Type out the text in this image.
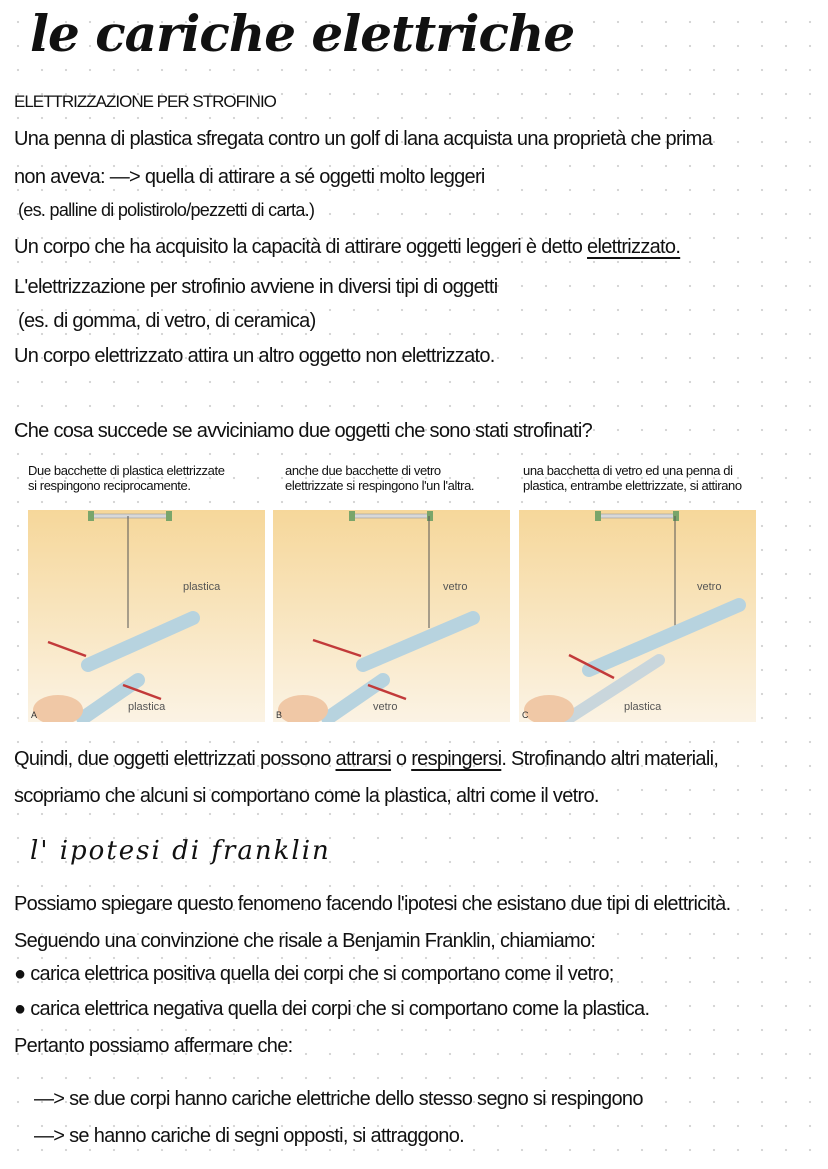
le cariche elettriche
ELETTRIZZAZIONE PER STROFINIO
Una penna di plastica sfregata contro un golf di lana acquista una proprietà che prima
non aveva: —> quella di attirare a sé oggetti molto leggeri
(es. palline di polistirolo/pezzetti di carta.)
Un corpo che ha acquisito la capacità di attirare oggetti leggeri è detto elettrizzato.
L'elettrizzazione per strofinio avviene in diversi tipi di oggetti
(es. di gomma, di vetro, di ceramica)
Un corpo elettrizzato attira un altro oggetto non elettrizzato.
Che cosa succede se avviciniamo due oggetti che sono stati strofinati?
Due bacchette di plastica elettrizzate
si respingono reciprocamente.
anche due bacchette di vetro
elettrizzate si respingono l'un l'altra.
una bacchetta di vetro ed una penna di
plastica, entrambe elettrizzate, si attirano
plastica
plastica
A
vetro
vetro
B
vetro
plastica
C
Quindi, due oggetti elettrizzati possono attrarsi o respingersi. Strofinando altri materiali,
scopriamo che alcuni si comportano come la plastica, altri come il vetro.
l' ipotesi di franklin
Possiamo spiegare questo fenomeno facendo l'ipotesi che esistano due tipi di elettricità.
Seguendo una convinzione che risale a Benjamin Franklin, chiamiamo:
● carica elettrica positiva quella dei corpi che si comportano come il vetro;
● carica elettrica negativa quella dei corpi che si comportano come la plastica.
Pertanto possiamo affermare che:
—> se due corpi hanno cariche elettriche dello stesso segno si respingono
—> se hanno cariche di segni opposti, si attraggono.
